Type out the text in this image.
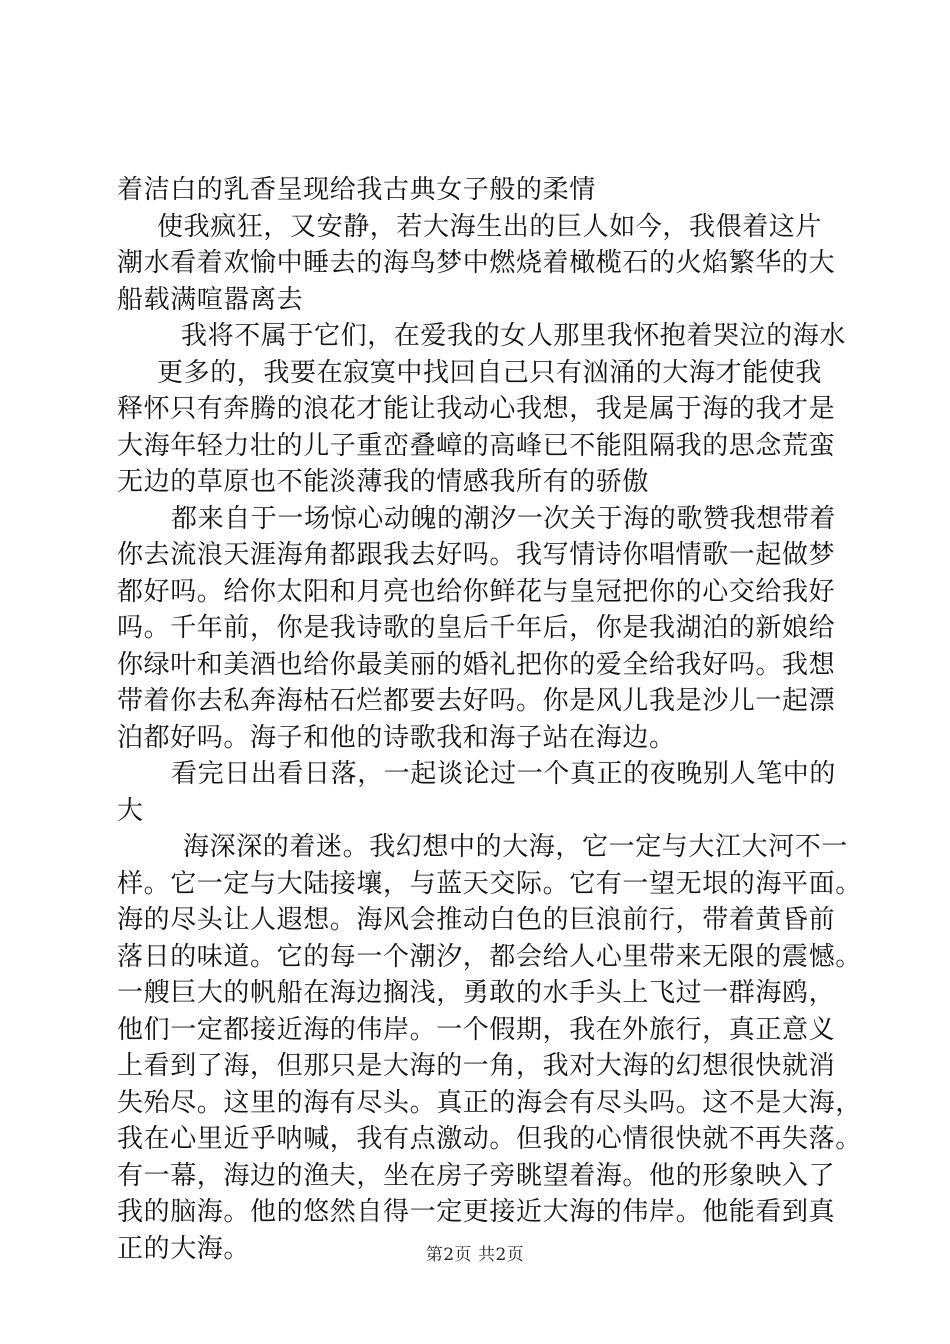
着洁白的乳香呈现给我古典女子般的柔情
使我疯狂，又安静，若大海生出的巨人如今，我偎着这片
潮水看着欢愉中睡去的海鸟梦中燃烧着橄榄石的火焰繁华的大
船载满喧嚣离去
我将不属于它们，在爱我的女人那里我怀抱着哭泣的海水
更多的，我要在寂寞中找回自己只有汹涌的大海才能使我
释怀只有奔腾的浪花才能让我动心我想，我是属于海的我才是
大海年轻力壮的儿子重峦叠嶂的高峰已不能阻隔我的思念荒蛮
无边的草原也不能淡薄我的情感我所有的骄傲
都来自于一场惊心动魄的潮汐一次关于海的歌赞我想带着
你去流浪天涯海角都跟我去好吗。我写情诗你唱情歌一起做梦
都好吗。给你太阳和月亮也给你鲜花与皇冠把你的心交给我好
吗。千年前，你是我诗歌的皇后千年后，你是我湖泊的新娘给
你绿叶和美酒也给你最美丽的婚礼把你的爱全给我好吗。我想
带着你去私奔海枯石烂都要去好吗。你是风儿我是沙儿一起漂
泊都好吗。海子和他的诗歌我和海子站在海边。
看完日出看日落，一起谈论过一个真正的夜晚别人笔中的
大
海深深的着迷。我幻想中的大海，它一定与大江大河不一
样。它一定与大陆接壤，与蓝天交际。它有一望无垠的海平面。
海的尽头让人遐想。海风会推动白色的巨浪前行，带着黄昏前
落日的味道。它的每一个潮汐，都会给人心里带来无限的震憾。
一艘巨大的帆船在海边搁浅，勇敢的水手头上飞过一群海鸥，
他们一定都接近海的伟岸。一个假期，我在外旅行，真正意义
上看到了海，但那只是大海的一角，我对大海的幻想很快就消
失殆尽。这里的海有尽头。真正的海会有尽头吗。这不是大海，
我在心里近乎呐喊，我有点激动。但我的心情很快就不再失落。
有一幕，海边的渔夫，坐在房子旁眺望着海。他的形象映入了
我的脑海。他的悠然自得一定更接近大海的伟岸。他能看到真
正的大海。	第2页 共2页
